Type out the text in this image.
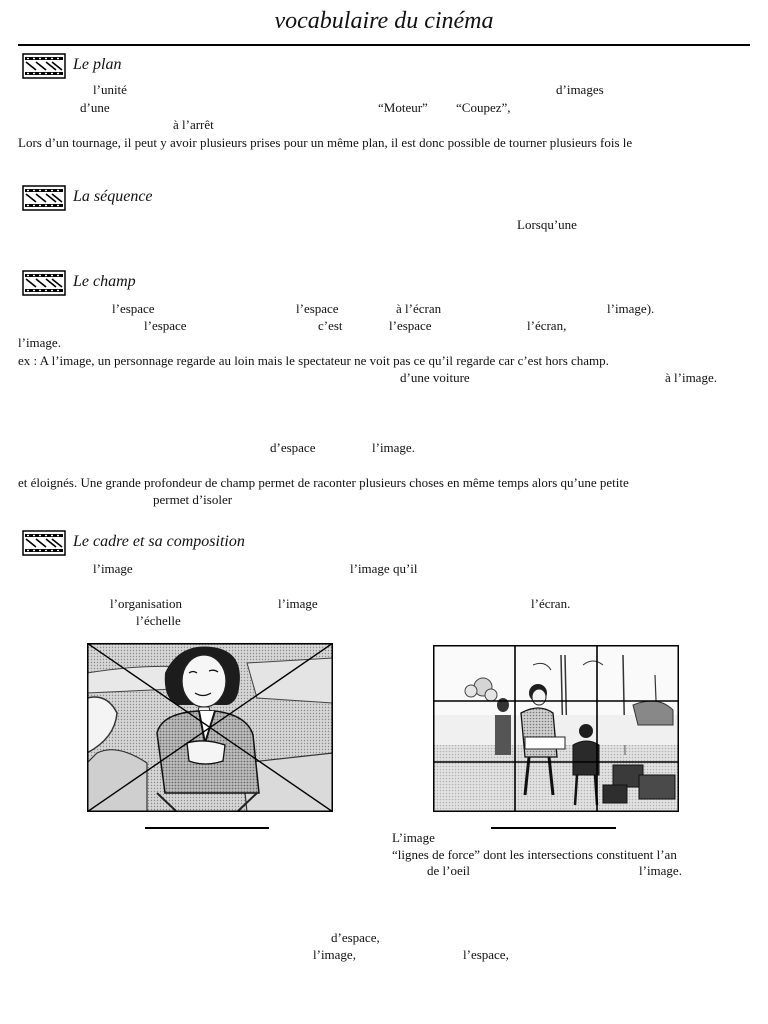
vocabulaire du cinéma
Le plan
l’unité	d’images
d’une	“Moteur” “Coupez”,
à l’arrêt
Lors d’un tournage, il peut y avoir plusieurs prises pour un même plan, il est donc possible de tourner plusieurs fois le
La séquence
Lorsqu’une
Le champ
l’espace	l’espace	à l’écran	l’image).
l’espace	c’est	l’espace	l’écran,
l’image.
ex : A l’image, un personnage regarde au loin mais le spectateur ne voit pas ce qu’il regarde car c’est hors champ.
d’une voiture	à l’image.
d’espace	l’image.
et éloignés. Une grande profondeur de champ permet de raconter plusieurs choses en même temps alors qu’une petite
permet d’isoler
Le cadre et sa composition
l’image	l’image qu’il
l’organisation	l’image	l’écran.
l’échelle
L’image
“lignes de force” dont les intersections constituent l’an
de l’oeil	l’image.
d’espace,
l’image,	l’espace,
